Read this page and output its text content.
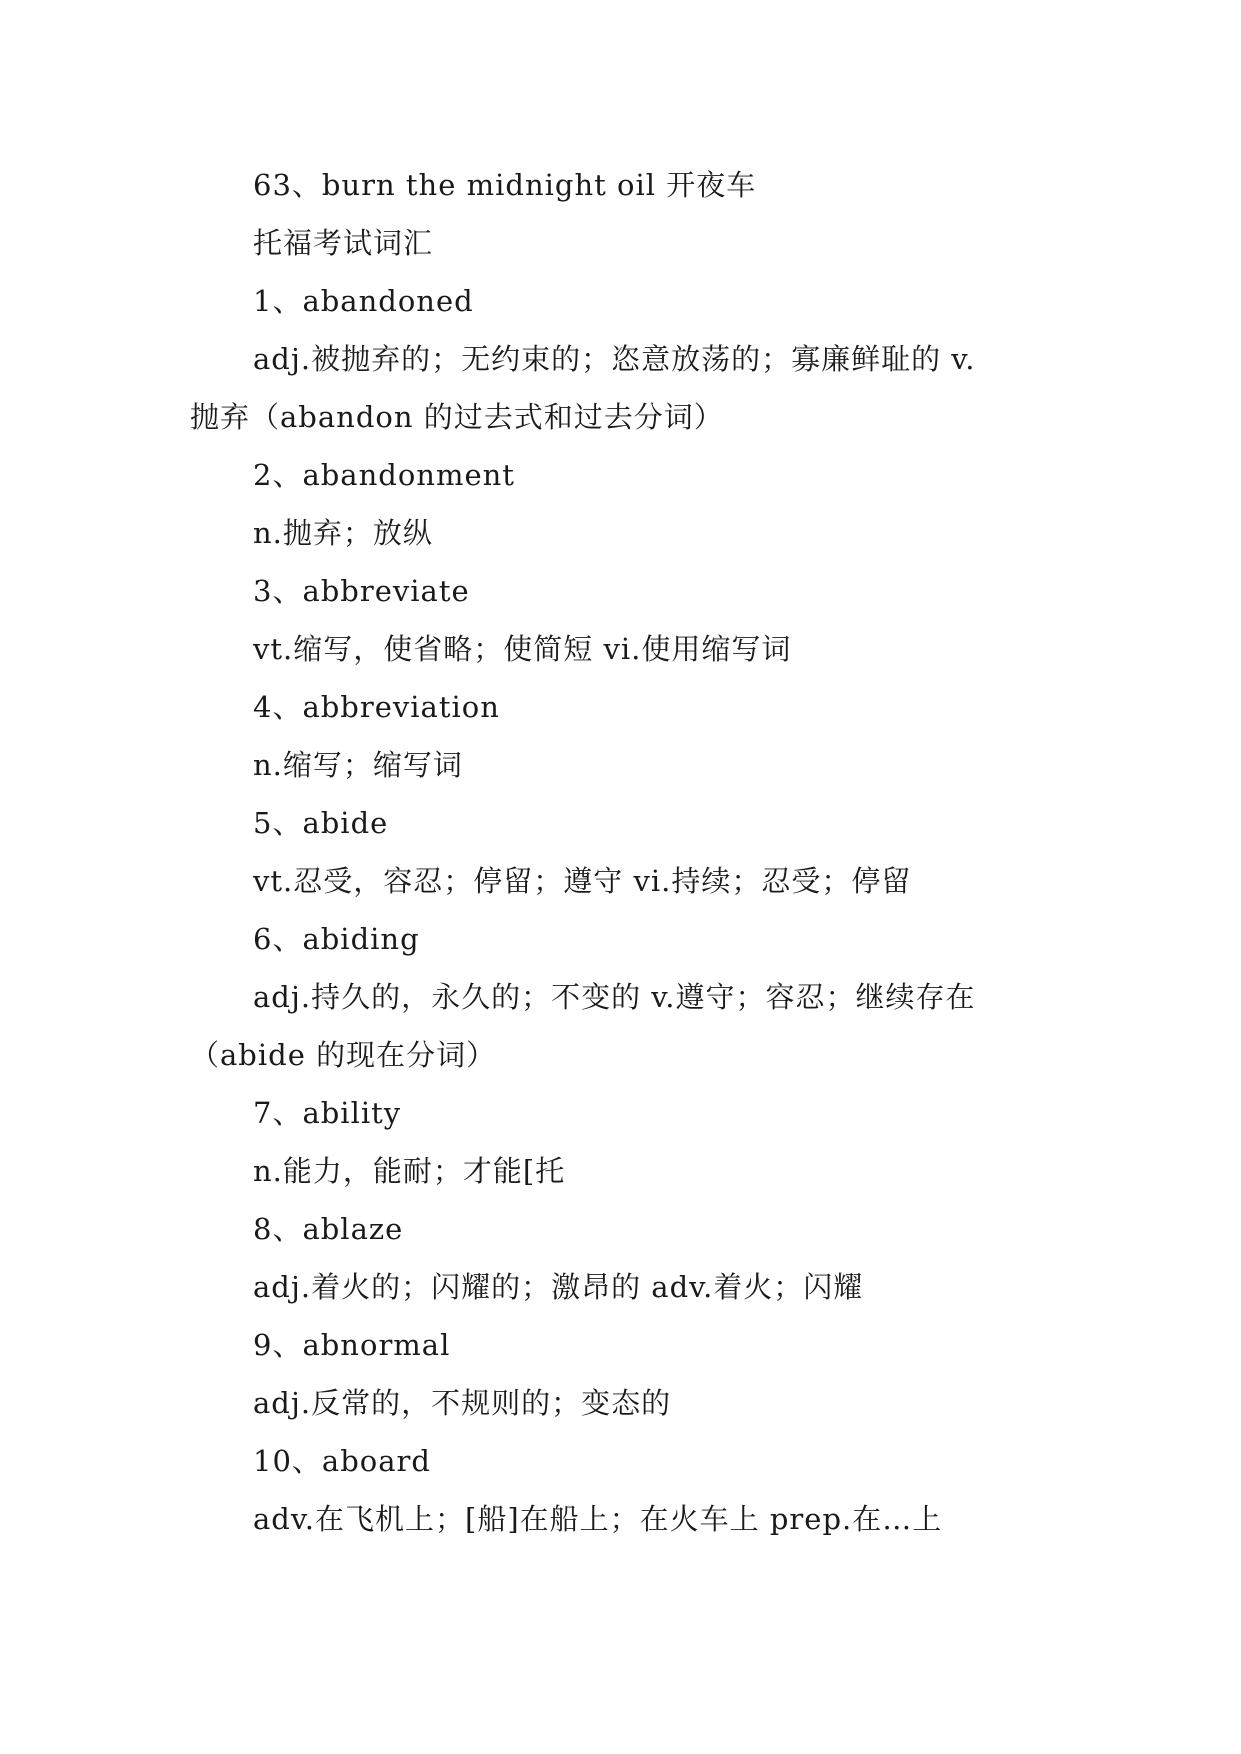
63、burn the midnight oil 开夜车
托福考试词汇
1、abandoned
adj.被抛弃的；无约束的；恣意放荡的；寡廉鲜耻的 v.
抛弃（abandon 的过去式和过去分词）
2、abandonment
n.抛弃；放纵
3、abbreviate
vt.缩写，使省略；使简短 vi.使用缩写词
4、abbreviation
n.缩写；缩写词
5、abide
vt.忍受，容忍；停留；遵守 vi.持续；忍受；停留
6、abiding
adj.持久的，永久的；不变的 v.遵守；容忍；继续存在
（abide 的现在分词）
7、ability
n.能力，能耐；才能[托
8、ablaze
adj.着火的；闪耀的；激昂的 adv.着火；闪耀
9、abnormal
adj.反常的，不规则的；变态的
10、aboard
adv.在飞机上；[船]在船上；在火车上 prep.在…上
